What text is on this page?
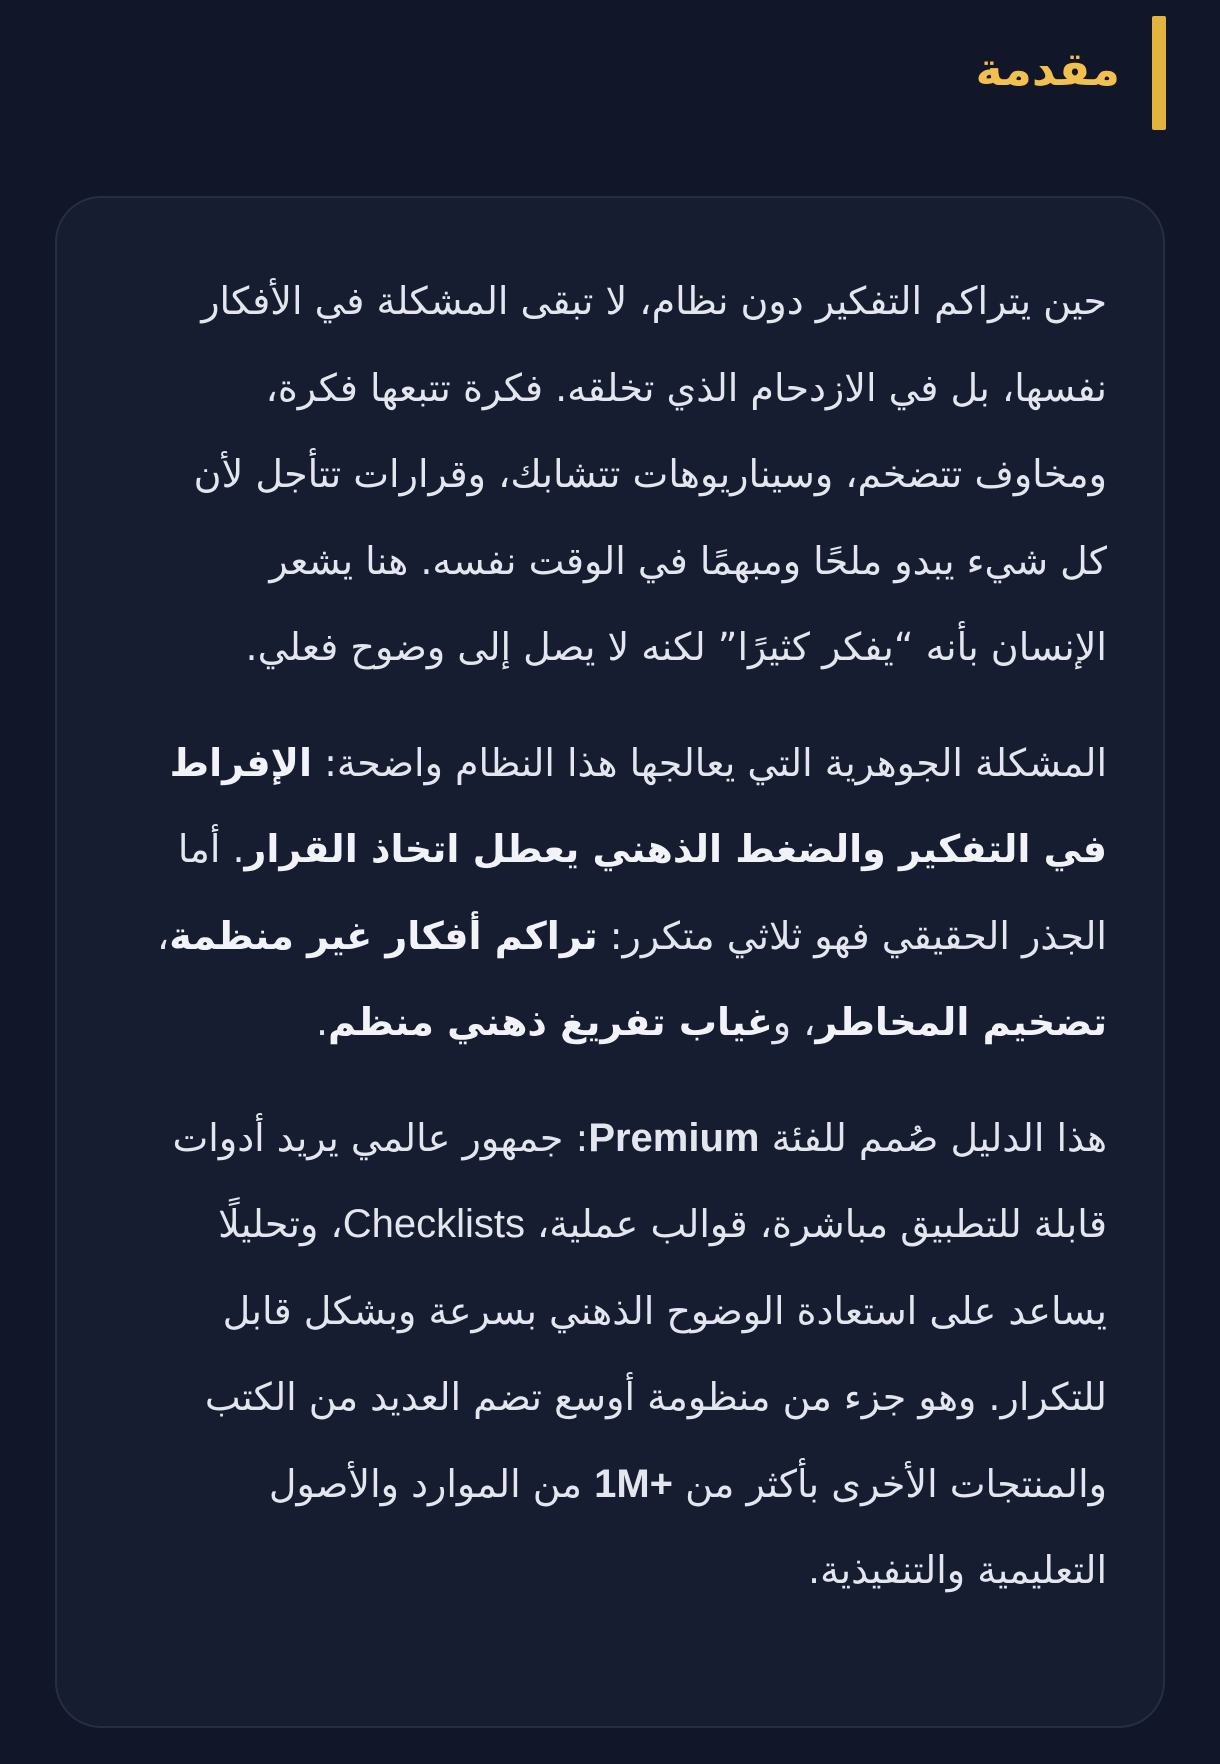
مقدمة

حين يتراكم التفكير دون نظام، لا تبقى المشكلة في الأفكار نفسها، بل في الازدحام الذي تخلقه. فكرة تتبعها فكرة، ومخاوف تتضخم، وسيناريوهات تتشابك، وقرارات تتأجل لأن كل شيء يبدو ملحًا ومبهمًا في الوقت نفسه. هنا يشعر الإنسان بأنه “يفكر كثيرًا” لكنه لا يصل إلى وضوح فعلي.

المشكلة الجوهرية التي يعالجها هذا النظام واضحة: الإفراط في التفكير والضغط الذهني يعطل اتخاذ القرار. أما الجذر الحقيقي فهو ثلاثي متكرر: تراكم أفكار غير منظمة، تضخيم المخاطر، وغياب تفريغ ذهني منظم.

هذا الدليل صُمم للفئة Premium: جمهور عالمي يريد أدوات قابلة للتطبيق مباشرة، قوالب عملية، Checklists، وتحليلًا يساعد على استعادة الوضوح الذهني بسرعة وبشكل قابل للتكرار. وهو جزء من منظومة أوسع تضم العديد من الكتب والمنتجات الأخرى بأكثر من 1M+ من الموارد والأصول التعليمية والتنفيذية.
